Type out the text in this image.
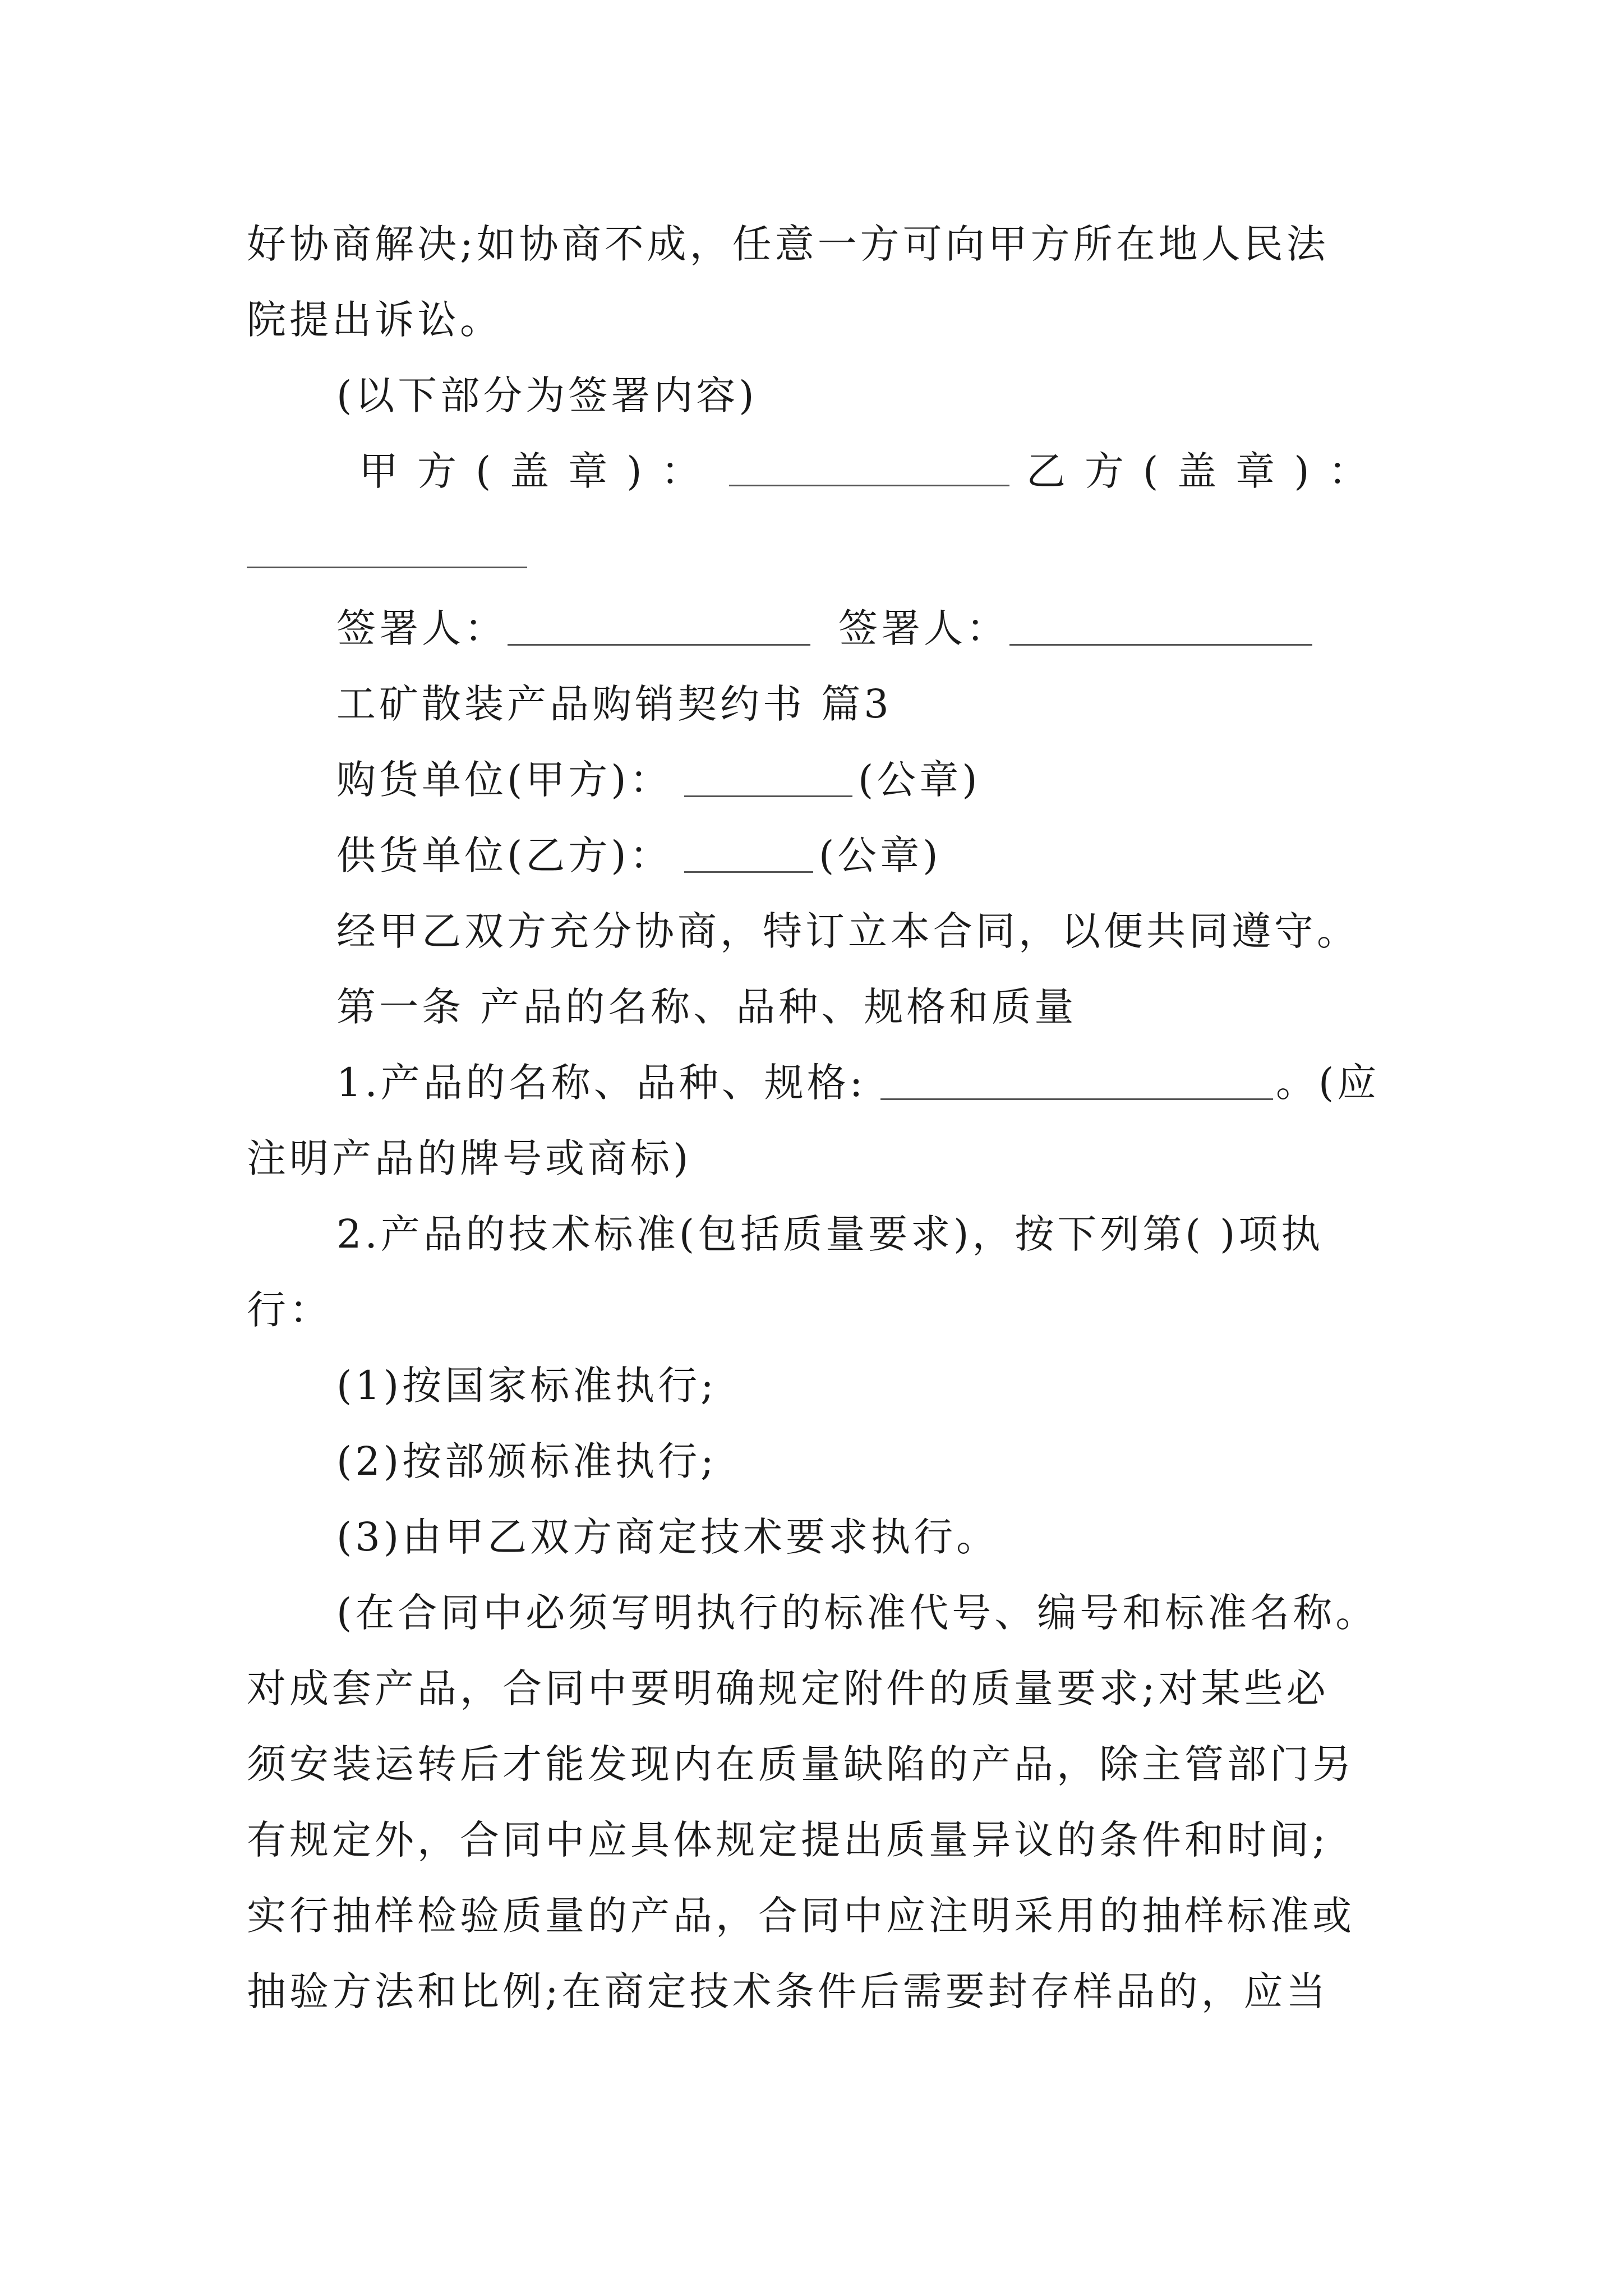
好协商解决;如协商不成，任意一方可向甲方所在地人民法
院提出诉讼。
(以下部分为签署内容)
甲方(盖章)：	乙方(盖章)：
签署人：	签署人：
工矿散装产品购销契约书 篇3
购货单位(甲方)：	(公章)
供货单位(乙方)：	(公章)
经甲乙双方充分协商，特订立本合同，以便共同遵守。
第一条 产品的名称、品种、规格和质量
1.产品的名称、品种、规格:	。(应
注明产品的牌号或商标)
2.产品的技术标准(包括质量要求)，按下列第( )项执
行：
(1)按国家标准执行;
(2)按部颁标准执行;
(3)由甲乙双方商定技术要求执行。
(在合同中必须写明执行的标准代号、编号和标准名称。
对成套产品，合同中要明确规定附件的质量要求;对某些必
须安装运转后才能发现内在质量缺陷的产品，除主管部门另
有规定外，合同中应具体规定提出质量异议的条件和时间;
实行抽样检验质量的产品，合同中应注明采用的抽样标准或
抽验方法和比例;在商定技术条件后需要封存样品的，应当
